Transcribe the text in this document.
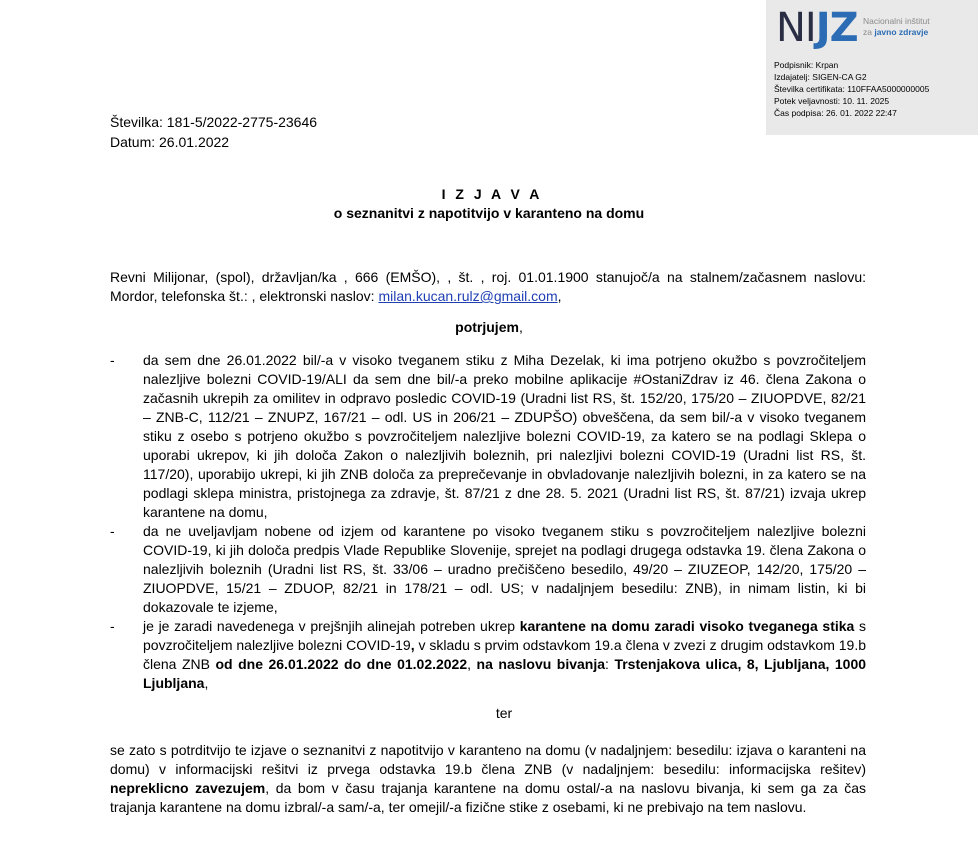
NIJZ Nacionalni inštitut
za javno zdravje
Podpisnik: Krpan
Izdajatelj: SIGEN-CA G2
Številka certifikata: 110FFAA5000000005
Potek veljavnosti: 10. 11. 2025
Čas podpisa: 26. 01. 2022 22:47
Številka: 181-5/2022-2775-23646
Datum: 26.01.2022
I Z J A V A
o seznanitvi z napotitvijo v karanteno na domu
Revni Milijonar, (spol), državljan/ka , 666 (EMŠO), , št. , roj. 01.01.1900 stanujoč/a na stalnem/začasnem naslovu: Mordor, telefonska št.: , elektronski naslov: milan.kucan.rulz@gmail.com,
potrjujem,
- da sem dne 26.01.2022 bil/-a v visoko tveganem stiku z Miha Dezelak, ki ima potrjeno okužbo s povzročiteljem nalezljive bolezni COVID-19/ALI da sem dne bil/-a preko mobilne aplikacije #OstaniZdrav iz 46. člena Zakona o začasnih ukrepih za omilitev in odpravo posledic COVID-19 (Uradni list RS, št. 152/20, 175/20 – ZIUOPDVE, 82/21 – ZNB-C, 112/21 – ZNUPZ, 167/21 – odl. US in 206/21 – ZDUPŠO) obveščena, da sem bil/-a v visoko tveganem stiku z osebo s potrjeno okužbo s povzročiteljem nalezljive bolezni COVID-19, za katero se na podlagi Sklepa o uporabi ukrepov, ki jih določa Zakon o nalezljivih boleznih, pri nalezljivi bolezni COVID-19 (Uradni list RS, št. 117/20), uporabijo ukrepi, ki jih ZNB določa za preprečevanje in obvladovanje nalezljivih bolezni, in za katero se na podlagi sklepa ministra, pristojnega za zdravje, št. 87/21 z dne 28. 5. 2021 (Uradni list RS, št. 87/21) izvaja ukrep karantene na domu,
- da ne uveljavljam nobene od izjem od karantene po visoko tveganem stiku s povzročiteljem nalezljive bolezni COVID-19, ki jih določa predpis Vlade Republike Slovenije, sprejet na podlagi drugega odstavka 19. člena Zakona o nalezljivih boleznih (Uradni list RS, št. 33/06 – uradno prečiščeno besedilo, 49/20 – ZIUZEOP, 142/20, 175/20 – ZIUOPDVE, 15/21 – ZDUOP, 82/21 in 178/21 – odl. US; v nadaljnjem besedilu: ZNB), in nimam listin, ki bi dokazovale te izjeme,
- je je zaradi navedenega v prejšnjih alinejah potreben ukrep karantene na domu zaradi visoko tveganega stika s povzročiteljem nalezljive bolezni COVID-19, v skladu s prvim odstavkom 19.a člena v zvezi z drugim odstavkom 19.b člena ZNB od dne 26.01.2022 do dne 01.02.2022, na naslovu bivanja: Trstenjakova ulica, 8, Ljubljana, 1000 Ljubljana,
ter
se zato s potrditvijo te izjave o seznanitvi z napotitvijo v karanteno na domu (v nadaljnjem: besedilu: izjava o karanteni na domu) v informacijski rešitvi iz prvega odstavka 19.b člena ZNB (v nadaljnjem: besedilu: informacijska rešitev) nepreklicno zavezujem, da bom v času trajanja karantene na domu ostal/-a na naslovu bivanja, ki sem ga za čas trajanja karantene na domu izbral/-a sam/-a, ter omejil/-a fizične stike z osebami, ki ne prebivajo na tem naslovu.
